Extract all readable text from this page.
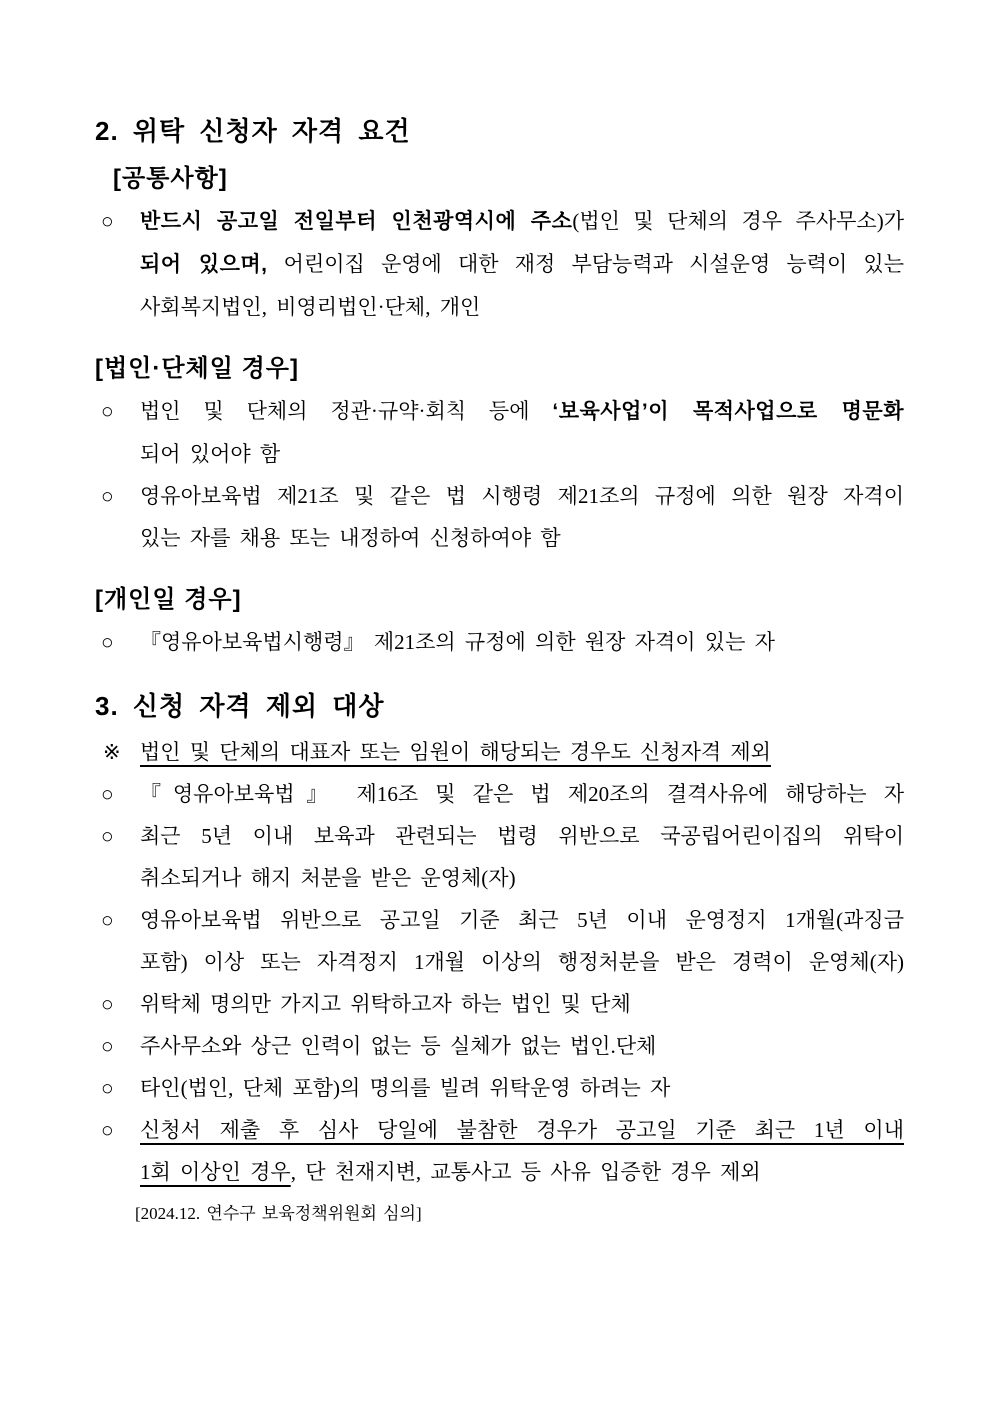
2. 위탁 신청자 자격 요건
[공통사항]
○	반드시 공고일 전일부터 인천광역시에 주소(법인 및 단체의 경우 주사무소)가
되어 있으며, 어린이집 운영에 대한 재정 부담능력과 시설운영 능력이 있는
사회복지법인, 비영리법인·단체, 개인
[법인·단체일 경우]
○	법인 및 단체의 정관·규약·회칙 등에 ‘보육사업’이 목적사업으로 명문화
되어 있어야 함
○	영유아보육법 제21조 및 같은 법 시행령 제21조의 규정에 의한 원장 자격이
있는 자를 채용 또는 내정하여 신청하여야 함
[개인일 경우]
○	『영유아보육법시행령』 제21조의 규정에 의한 원장 자격이 있는 자
3. 신청 자격 제외 대상
※ 법인 및 단체의 대표자 또는 임원이 해당되는 경우도 신청자격 제외
○	『영유아보육법』 제16조 및 같은 법 제20조의 결격사유에 해당하는 자
○	최근 5년 이내 보육과 관련되는 법령 위반으로 국공립어린이집의 위탁이
취소되거나 해지 처분을 받은 운영체(자)
○	영유아보육법 위반으로 공고일 기준 최근 5년 이내 운영정지 1개월(과징금
포함) 이상 또는 자격정지 1개월 이상의 행정처분을 받은 경력이 운영체(자)
○	위탁체 명의만 가지고 위탁하고자 하는 법인 및 단체
○	주사무소와 상근 인력이 없는 등 실체가 없는 법인.단체
○	타인(법인, 단체 포함)의 명의를 빌려 위탁운영 하려는 자
○	신청서 제출 후 심사 당일에 불참한 경우가 공고일 기준 최근 1년 이내
1회 이상인 경우, 단 천재지변, 교통사고 등 사유 입증한 경우 제외
[2024.12. 연수구 보육정책위원회 심의]
